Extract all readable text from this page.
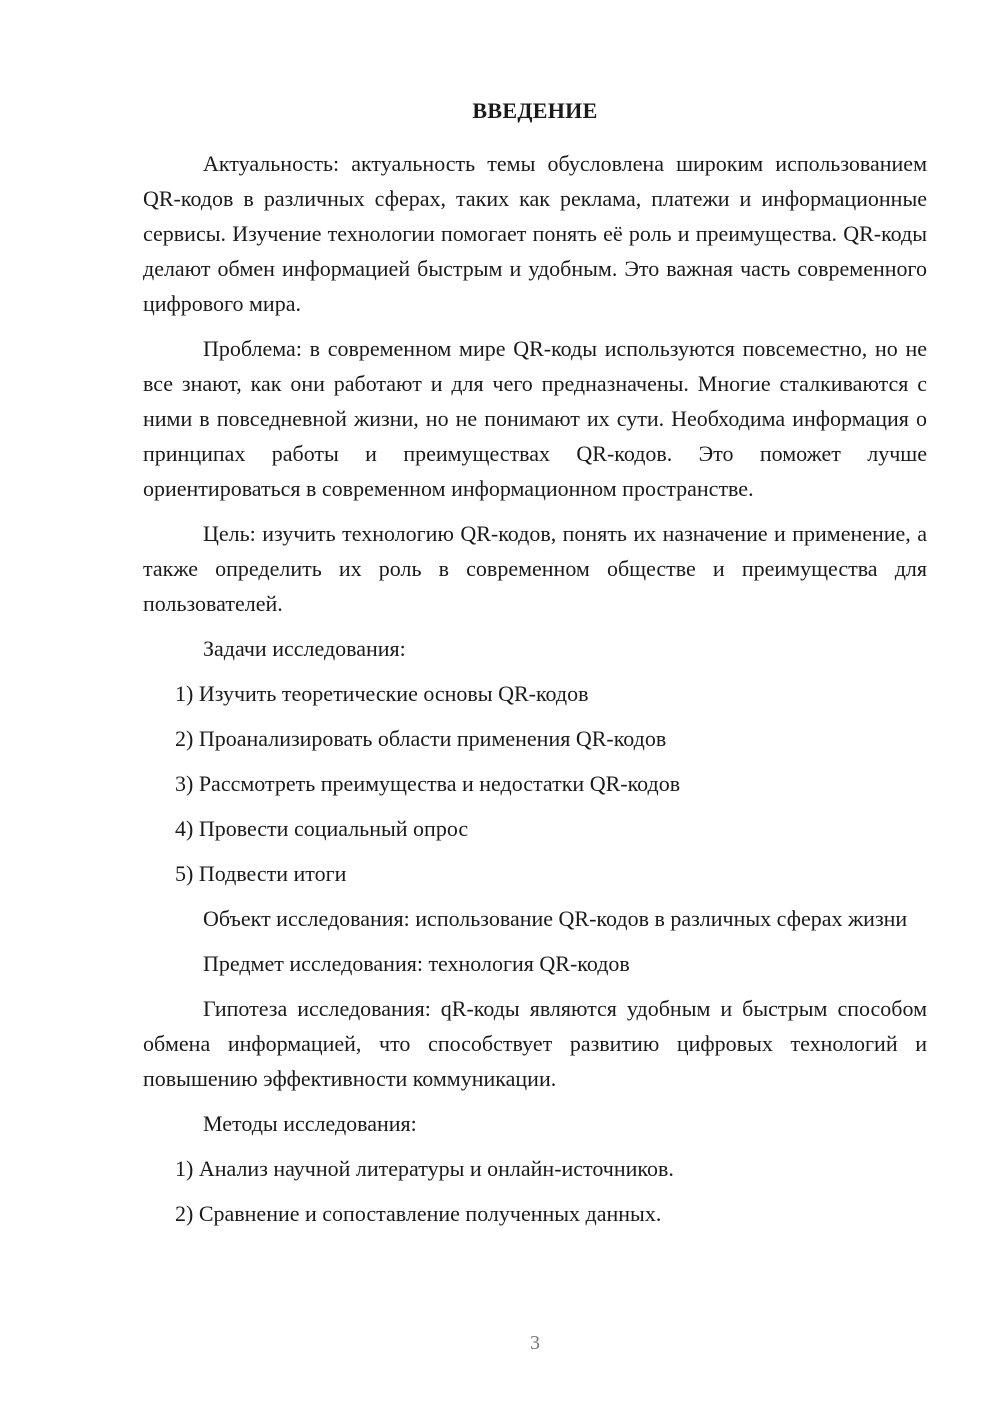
ВВЕДЕНИЕ

Актуальность: актуальность темы обусловлена широким использованием QR-кодов в различных сферах, таких как реклама, платежи и информационные сервисы. Изучение технологии помогает понять её роль и преимущества. QR-коды делают обмен информацией быстрым и удобным. Это важная часть современного цифрового мира.

Проблема: в современном мире QR-коды используются повсеместно, но не все знают, как они работают и для чего предназначены. Многие сталкиваются с ними в повседневной жизни, но не понимают их сути. Необходима информация о принципах работы и преимуществах QR-кодов. Это поможет лучше ориентироваться в современном информационном пространстве.

Цель: изучить технологию QR-кодов, понять их назначение и применение, а также определить их роль в современном обществе и преимущества для пользователей.

Задачи исследования:

1) Изучить теоретические основы QR-кодов
2) Проанализировать области применения QR-кодов
3) Рассмотреть преимущества и недостатки QR-кодов
4) Провести социальный опрос
5) Подвести итоги

Объект исследования: использование QR-кодов в различных сферах жизни

Предмет исследования: технология QR-кодов

Гипотеза исследования: qR-коды являются удобным и быстрым способом обмена информацией, что способствует развитию цифровых технологий и повышению эффективности коммуникации.

Методы исследования:

1) Анализ научной литературы и онлайн-источников.
2) Сравнение и сопоставление полученных данных.
3
